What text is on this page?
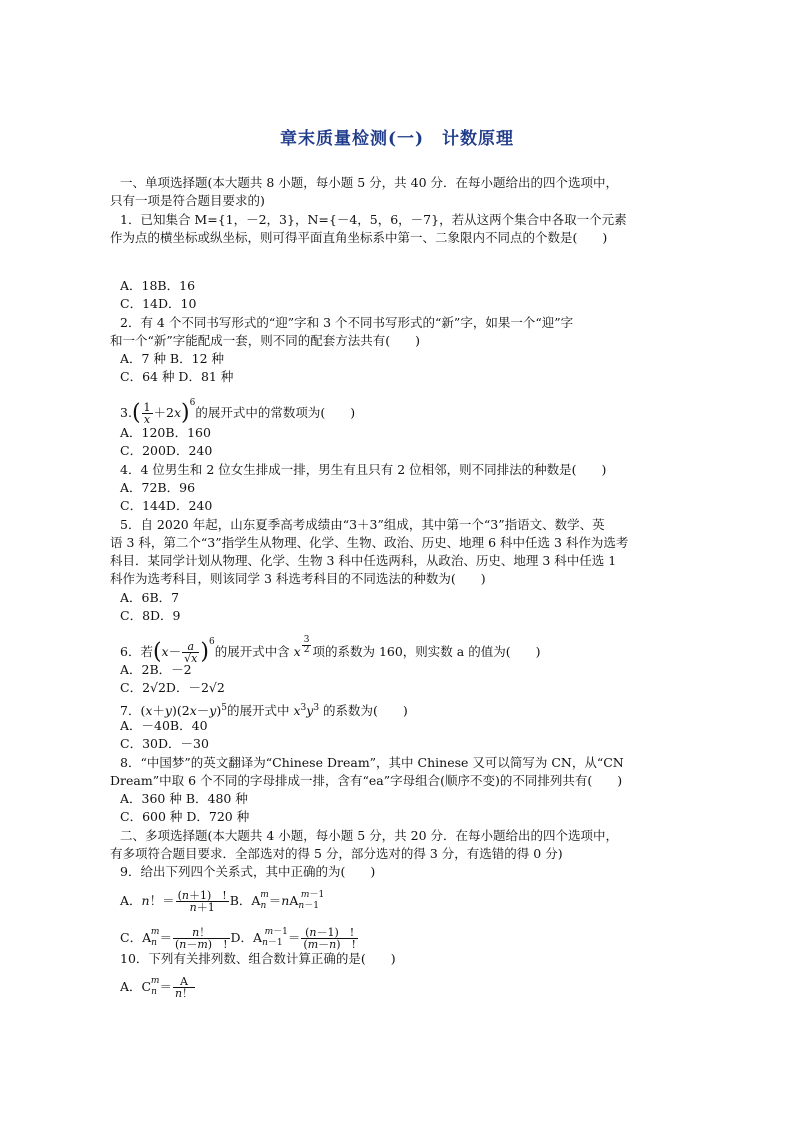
章末质量检测(一)　计数原理
一、单项选择题(本大题共 8 小题，每小题 5 分，共 40 分．在每小题给出的四个选项中，
只有一项是符合题目要求的)
1．已知集合 M={1，－2，3}，N={－4，5，6，－7}，若从这两个集合中各取一个元素
作为点的横坐标或纵坐标，则可得平面直角坐标系中第一、二象限内不同点的个数是(　　)
A．18B．16
C．14D．10
2．有 4 个不同书写形式的“迎”字和 3 个不同书写形式的“新”字，如果一个“迎”字
和一个“新”字能配成一套，则不同的配套方法共有(　　)
A．7 种 B．12 种
C．64 种 D．81 种
$3.( \frac{1}{x} +2x)^6$的展开式中的常数项为(　　)
A．120B．160
C．200D．240
4．4 位男生和 2 位女生排成一排，男生有且只有 2 位相邻，则不同排法的种数是(　　)
A．72B．96
C．144D．240
5．自 2020 年起，山东夏季高考成绩由“3＋3”组成，其中第一个“3”指语文、数学、英
语 3 科，第二个“3”指学生从物理、化学、生物、政治、历史、地理 6 科中任选 3 科作为选考
科目．某同学计划从物理、化学、生物 3 科中任选两科，从政治、历史、地理 3 科中任选 1
科作为选考科目，则该同学 3 科选考科目的不同选法的种数为(　　)
A．6B．7
C．8D．9
6．若$(x- \frac{a}{√x} )^6$的展开式中含 x $\frac{3}{2}$ 项的系数为 160，则实数 a 的值为(　　)
A．2B．－2
C．2√2D．－2√2
7．$(x+y)(2x-y)^5$的展开式中 $x^3y^3$ 的系数为(　　)
A．－40B．40
C．30D．－30
8．“中国梦”的英文翻译为“Chinese Dream”，其中 Chinese 又可以简写为 CN，从“CN
Dream”中取 6 个不同的字母排成一排，含有“ea”字母组合(顺序不变)的不同排列共有(　　)
A．360 种 B．480 种
C．600 种 D．720 种
二、多项选择题(本大题共 4 小题，每小题 5 分，共 20 分．在每小题给出的四个选项中，
有多项符合题目要求．全部选对的得 5 分，部分选对的得 3 分，有选错的得 0 分)
9．给出下列四个关系式，其中正确的为(　　)
A．n！＝ $\frac{(n+1) !}{n+1}$ B．$A_n^m=nA_{n-1}^{m-1}$
C．$A_n^m= \frac{n!}{(n-m) !}$ D．$A_{n-1}^{m-1}= \frac{(n-1) !}{(m-n) !}$
10．下列有关排列数、组合数计算正确的是(　　)
A．$C_n^m= \frac{A}{n!}$
